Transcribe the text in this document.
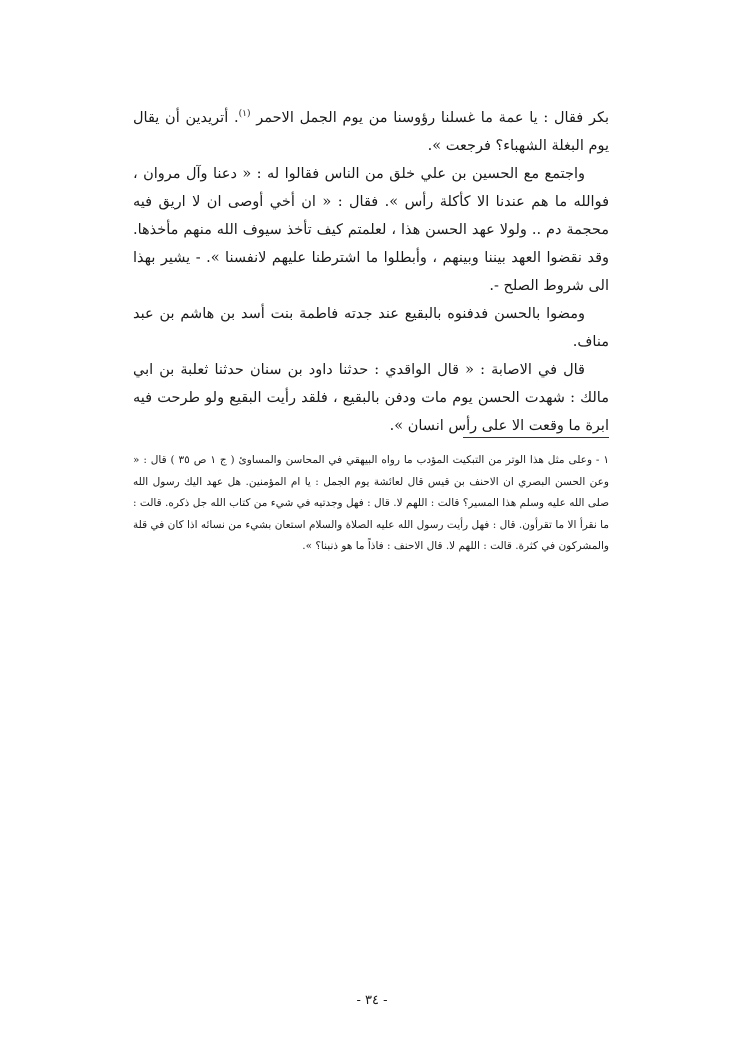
بكر فقال : يا عمة ما غسلنا رؤوسنا من يوم الجمل الاحمر $^{(١)}$. أتريدين أن يقال يوم البغلة الشهباء؟ فرجعت ».

واجتمع مع الحسين بن علي خلق من الناس فقالوا له : « دعنا وآل مروان ، فوالله ما هم عندنا الا كأكلة رأس ». فقال : « ان أخي أوصى ان لا اريق فيه محجمة دم .. ولولا عهد الحسن هذا ، لعلمتم كيف تأخذ سيوف الله منهم مأخذها. وقد نقضوا العهد بيننا وبينهم ، وأبطلوا ما اشترطنا عليهم لانفسنا ». - يشير بهذا الى شروط الصلح -.

ومضوا بالحسن فدفنوه بالبقيع عند جدته فاطمة بنت أسد بن هاشم بن عبد مناف.

قال في الاصابة : « قال الواقدي : حدثنا داود بن سنان حدثنا ثعلبة بن ابي مالك : شهدت الحسن يوم مات ودفن بالبقيع ، فلقد رأيت البقيع ولو طرحت فيه ابرة ما وقعت الا على رأس انسان ».

١ - وعلى مثل هذا الوتر من التبكيت المؤدب ما رواه البيهقي في المحاسن والمساوئ ( ج ١ ص ٣٥ ) قال : « وعن الحسن البصري ان الاحنف بن قيس قال لعائشة يوم الجمل : يا ام المؤمنين. هل عهد اليك رسول الله صلى الله عليه وسلم هذا المسير؟ قالت : اللهم لا. قال : فهل وجدتيه في شيء من كتاب الله جل ذكره. قالت : ما نقرأ الا ما تقرأون. قال : فهل رأيت رسول الله عليه الصلاة والسلام استعان بشيء من نسائه اذا كان في قلة والمشركون في كثرة. قالت : اللهم لا. قال الاحنف : فاذاً ما هو ذنبنا؟ ».

- ٣٤ -
